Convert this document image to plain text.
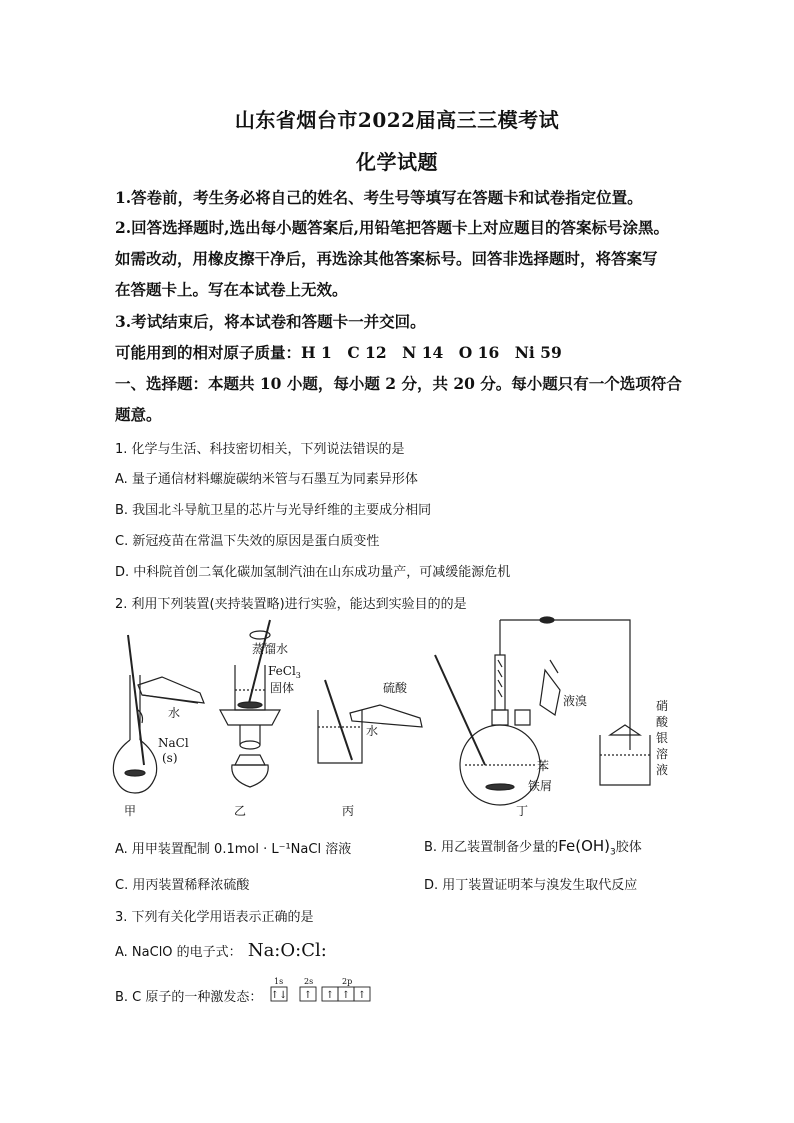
山东省烟台市2022届高三三模考试
化学试题
1.答卷前，考生务必将自己的姓名、考生号等填写在答题卡和试卷指定位置。
2.回答选择题时,选出每小题答案后,用铅笔把答题卡上对应题目的答案标号涂黑。
如需改动，用橡皮擦干净后，再选涂其他答案标号。回答非选择题时，将答案写
在答题卡上。写在本试卷上无效。
3.考试结束后，将本试卷和答题卡一并交回。
可能用到的相对原子质量：H 1　C 12　N 14　O 16　Ni 59
一、选择题：本题共 10 小题，每小题 2 分，共 20 分。每小题只有一个选项符合
题意。
1. 化学与生活、科技密切相关，下列说法错误的是
A. 量子通信材料螺旋碳纳米管与石墨互为同素异形体
B. 我国北斗导航卫星的芯片与光导纤维的主要成分相同
C. 新冠疫苗在常温下失效的原因是蛋白质变性
D. 中科院首创二氧化碳加氢制汽油在山东成功量产，可减缓能源危机
2. 利用下列装置(夹持装置略)进行实验，能达到实验目的的是
水
NaCl
(s)
蒸馏水
FeCl$_3$
固体	硫酸
水
液溴
苯
铁屑
硝
酸
银
溶
液
甲	乙	丙	丁
A. 用甲装置配制 0.1mol · L⁻¹NaCl 溶液	B. 用乙装置制备少量的$Fe(OH)_3$胶体
C. 用丙装置稀释浓硫酸	D. 用丁装置证明苯与溴发生取代反应
3. 下列有关化学用语表示正确的是
A. NaClO 的电子式： Na:O:Cl:
B. C 原子的一种激发态：
1s	2s	2p
↑↓ ↑ ↑ ↑ ↑
